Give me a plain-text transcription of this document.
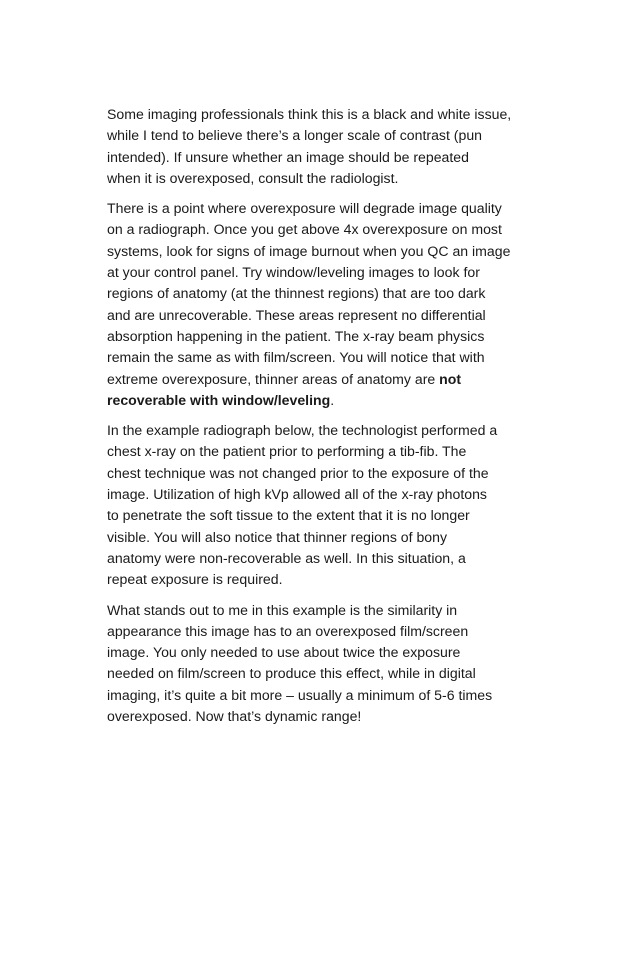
Some imaging professionals think this is a black and white issue,
while I tend to believe there’s a longer scale of contrast (pun
intended). If unsure whether an image should be repeated
when it is overexposed, consult the radiologist.

There is a point where overexposure will degrade image quality
on a radiograph. Once you get above 4x overexposure on most
systems, look for signs of image burnout when you QC an image
at your control panel. Try window/leveling images to look for
regions of anatomy (at the thinnest regions) that are too dark
and are unrecoverable. These areas represent no differential
absorption happening in the patient. The x-ray beam physics
remain the same as with film/screen. You will notice that with
extreme overexposure, thinner areas of anatomy are not
recoverable with window/leveling.

In the example radiograph below, the technologist performed a
chest x-ray on the patient prior to performing a tib-fib. The
chest technique was not changed prior to the exposure of the
image. Utilization of high kVp allowed all of the x-ray photons
to penetrate the soft tissue to the extent that it is no longer
visible. You will also notice that thinner regions of bony
anatomy were non-recoverable as well. In this situation, a
repeat exposure is required.

What stands out to me in this example is the similarity in
appearance this image has to an overexposed film/screen
image. You only needed to use about twice the exposure
needed on film/screen to produce this effect, while in digital
imaging, it’s quite a bit more – usually a minimum of 5-6 times
overexposed. Now that’s dynamic range!
